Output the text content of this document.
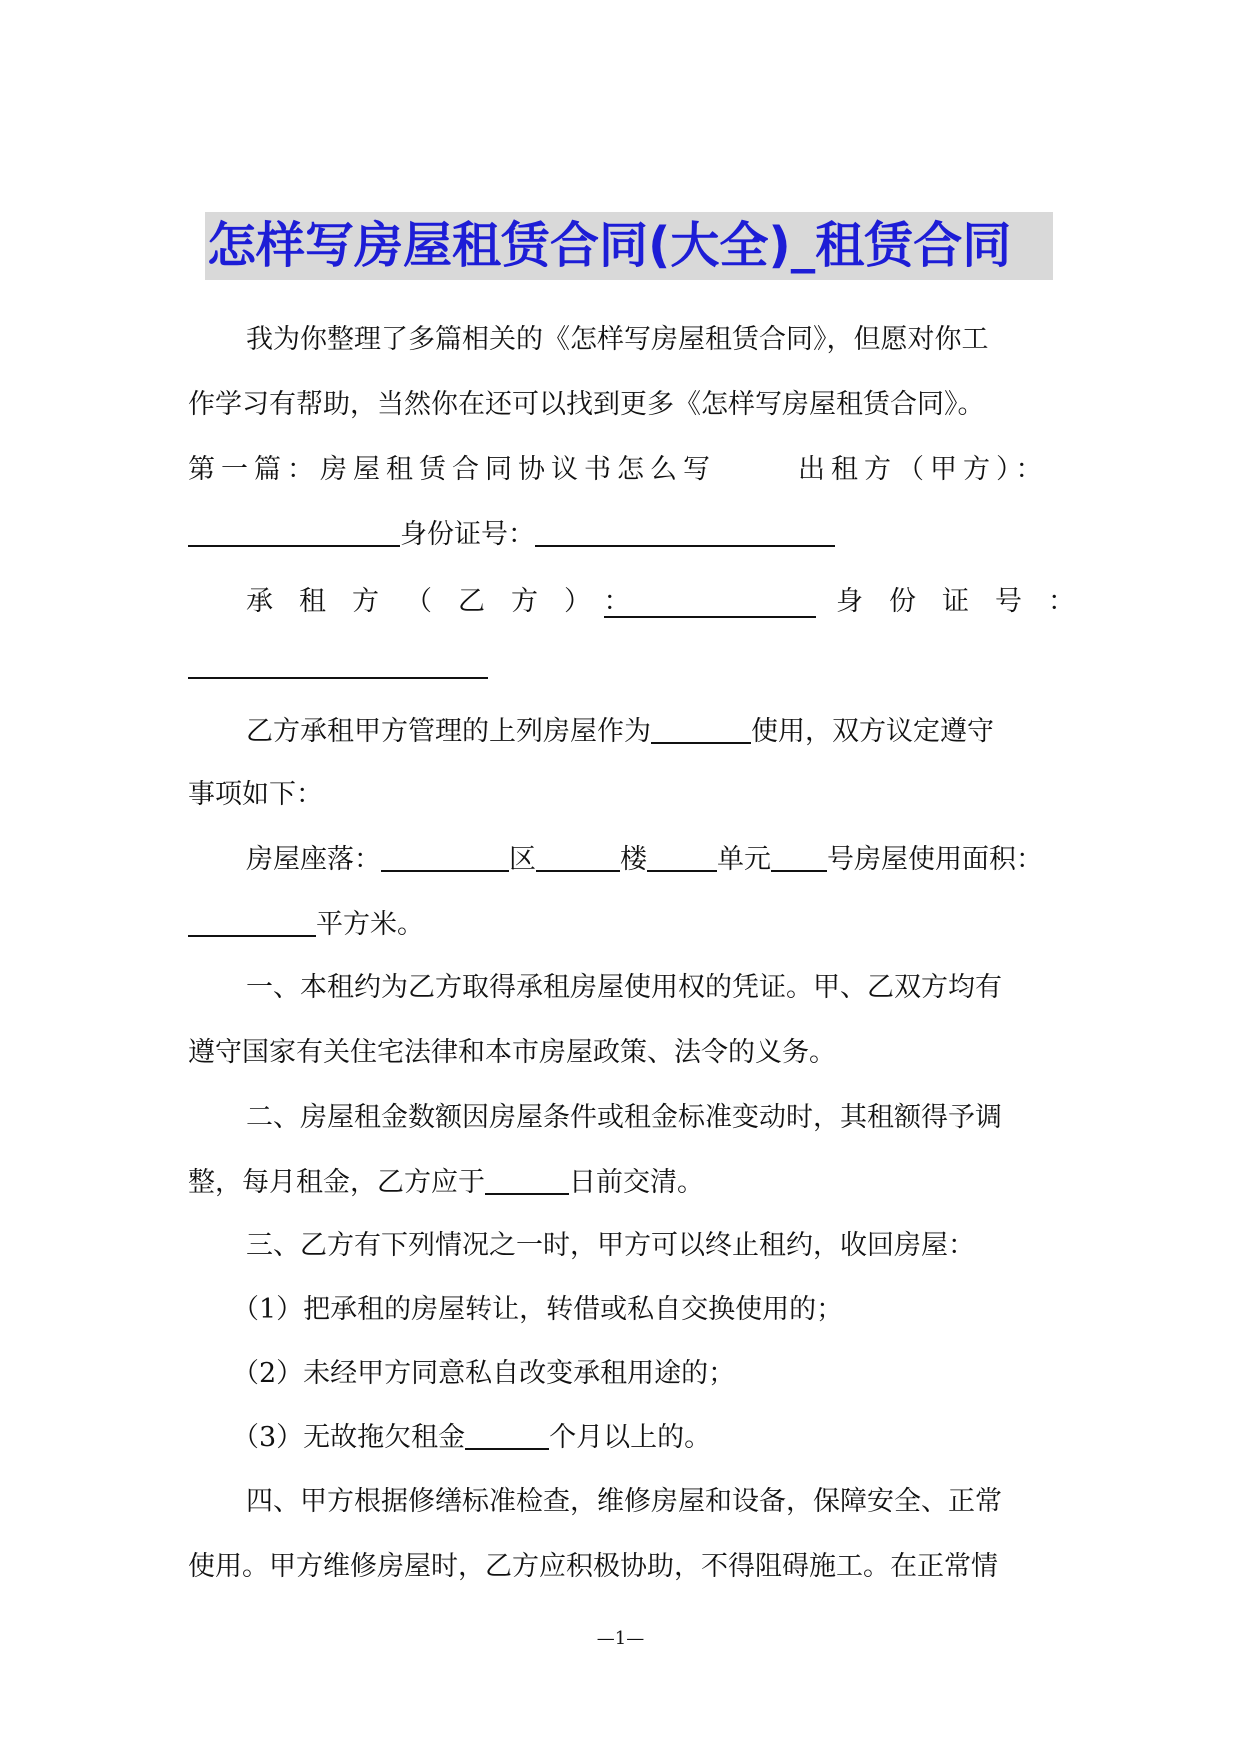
怎样写房屋租赁合同(大全)_租赁合同
我为你整理了多篇相关的《怎样写房屋租赁合同》，但愿对你工
作学习有帮助，当然你在还可以找到更多《怎样写房屋租赁合同》。
第一篇：房屋租赁合同协议书怎么写	出租方（甲方）：
身份证号：
承租方（乙方）：	身份证号：
乙方承租甲方管理的上列房屋作为	使用，双方议定遵守
事项如下：
房屋座落：	区	楼	单元 号房屋使用面积：
平方米。
一、本租约为乙方取得承租房屋使用权的凭证。甲、乙双方均有
遵守国家有关住宅法律和本市房屋政策、法令的义务。
二、房屋租金数额因房屋条件或租金标准变动时，其租额得予调
整，每月租金，乙方应于	日前交清。
三、乙方有下列情况之一时，甲方可以终止租约，收回房屋：
（1）把承租的房屋转让，转借或私自交换使用的；
（2）未经甲方同意私自改变承租用途的；
（3）无故拖欠租金	个月以上的。
四、甲方根据修缮标准检查，维修房屋和设备，保障安全、正常
使用。甲方维修房屋时，乙方应积极协助，不得阻碍施工。在正常情
—1—
